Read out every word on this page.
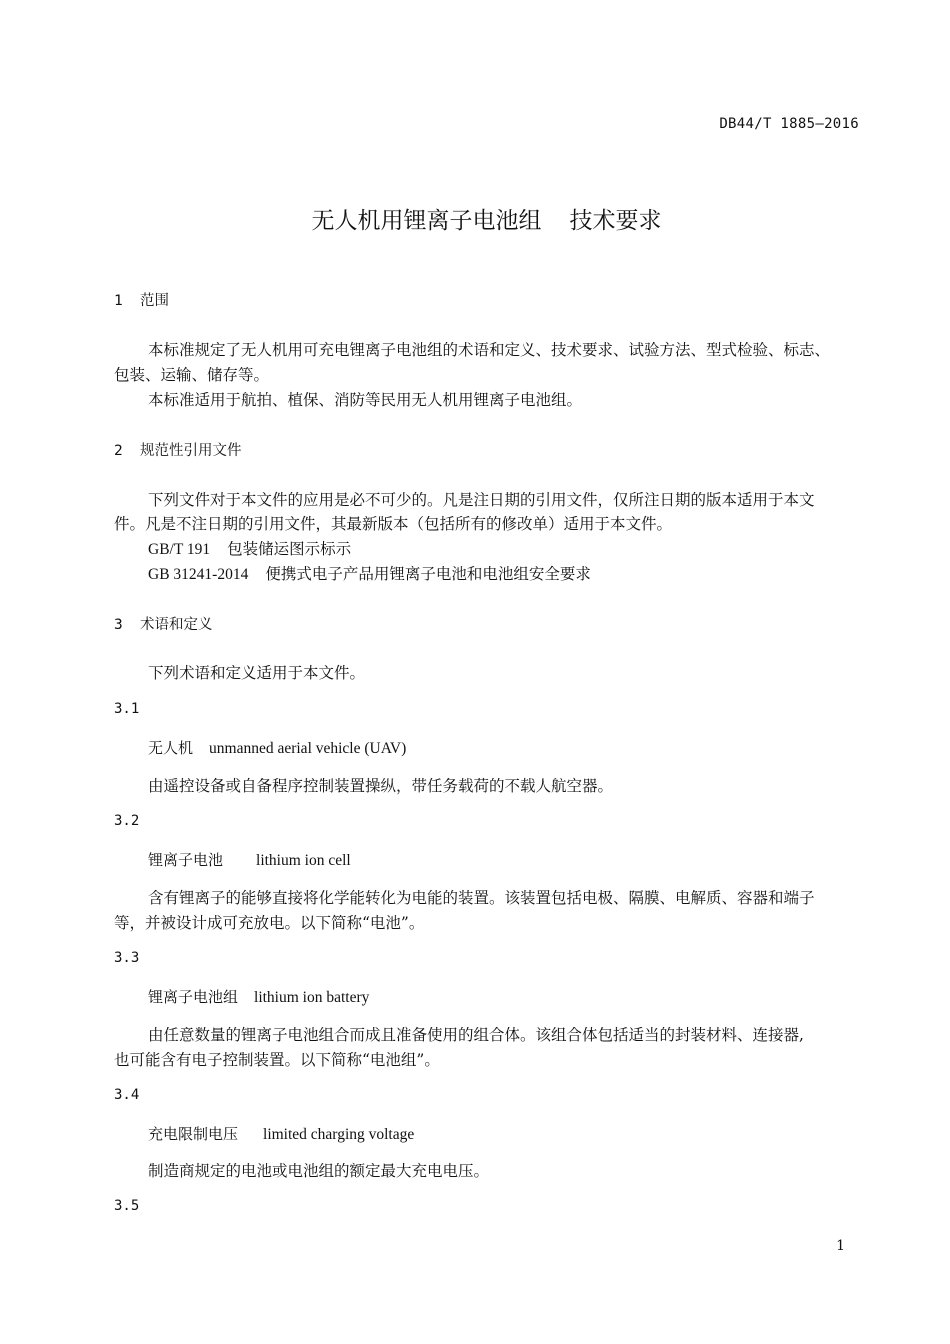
DB44/T 1885—2016
无人机用锂离子电池组 技术要求
1 范围
本标准规定了无人机用可充电锂离子电池组的术语和定义、技术要求、试验方法、型式检验、标志、
包装、运输、储存等。
本标准适用于航拍、植保、消防等民用无人机用锂离子电池组。
2 规范性引用文件
下列文件对于本文件的应用是必不可少的。凡是注日期的引用文件，仅所注日期的版本适用于本文
件。凡是不注日期的引用文件，其最新版本（包括所有的修改单）适用于本文件。
GB/T 191 包装储运图示标示
GB 31241-2014 便携式电子产品用锂离子电池和电池组安全要求
3 术语和定义
下列术语和定义适用于本文件。
3.1
无人机 unmanned aerial vehicle (UAV)
由遥控设备或自备程序控制装置操纵，带任务载荷的不载人航空器。
3.2
锂离子电池 lithium ion cell
含有锂离子的能够直接将化学能转化为电能的装置。该装置包括电极、隔膜、电解质、容器和端子
等，并被设计成可充放电。以下简称“电池”。
3.3
锂离子电池组 lithium ion battery
由任意数量的锂离子电池组合而成且准备使用的组合体。该组合体包括适当的封装材料、连接器,
也可能含有电子控制装置。以下简称“电池组”。
3.4
充电限制电压 limited charging voltage
制造商规定的电池或电池组的额定最大充电电压。
3.5
1
